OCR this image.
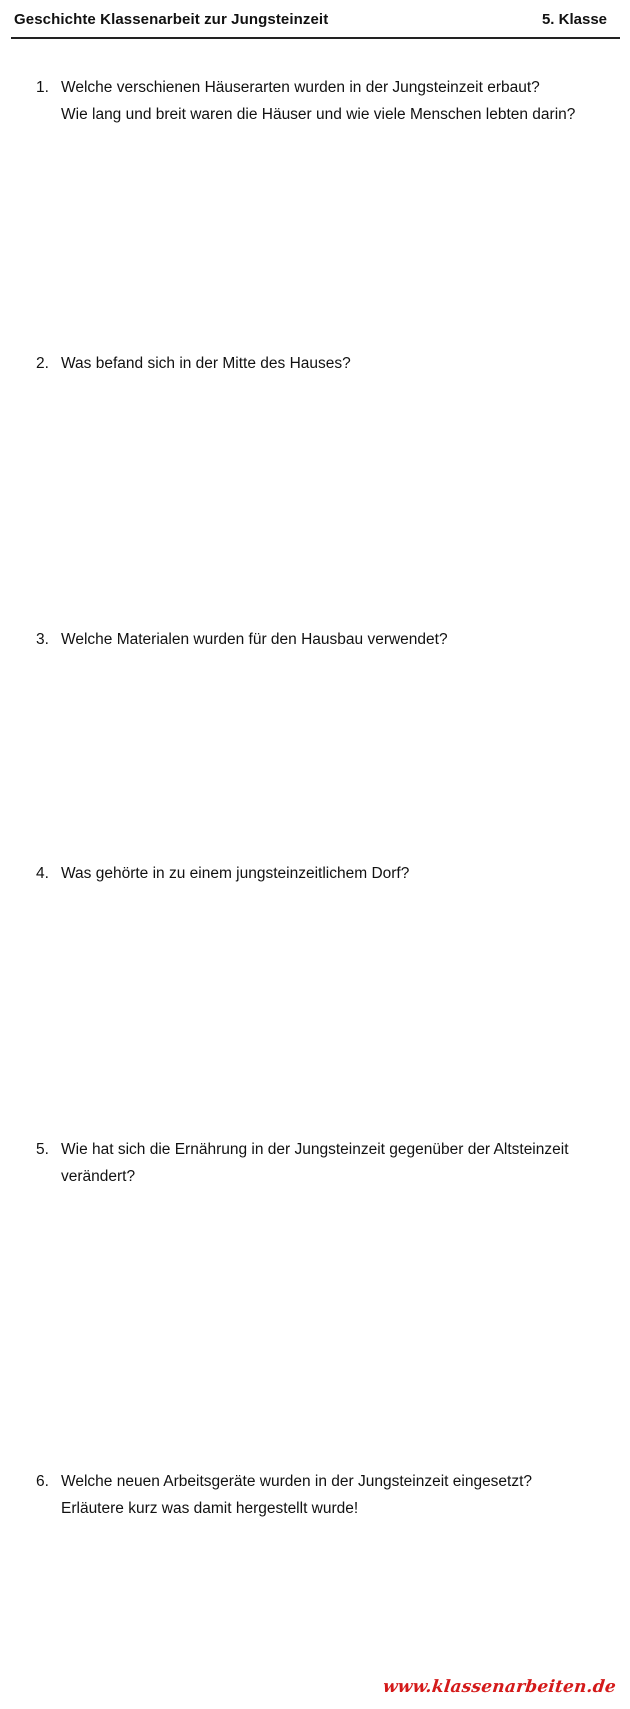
Geschichte Klassenarbeit zur Jungsteinzeit	5. Klasse
1. Welche verschienen Häuserarten wurden in der Jungsteinzeit erbaut?
Wie lang und breit waren die Häuser und wie viele Menschen lebten darin?
2. Was befand sich in der Mitte des Hauses?
3. Welche Materialen wurden für den Hausbau verwendet?
4. Was gehörte in zu einem jungsteinzeitlichem Dorf?
5. Wie hat sich die Ernährung in der Jungsteinzeit gegenüber der Altsteinzeit
verändert?
6. Welche neuen Arbeitsgeräte wurden in der Jungsteinzeit eingesetzt?
Erläutere kurz was damit hergestellt wurde!
www.klassenarbeiten.de
